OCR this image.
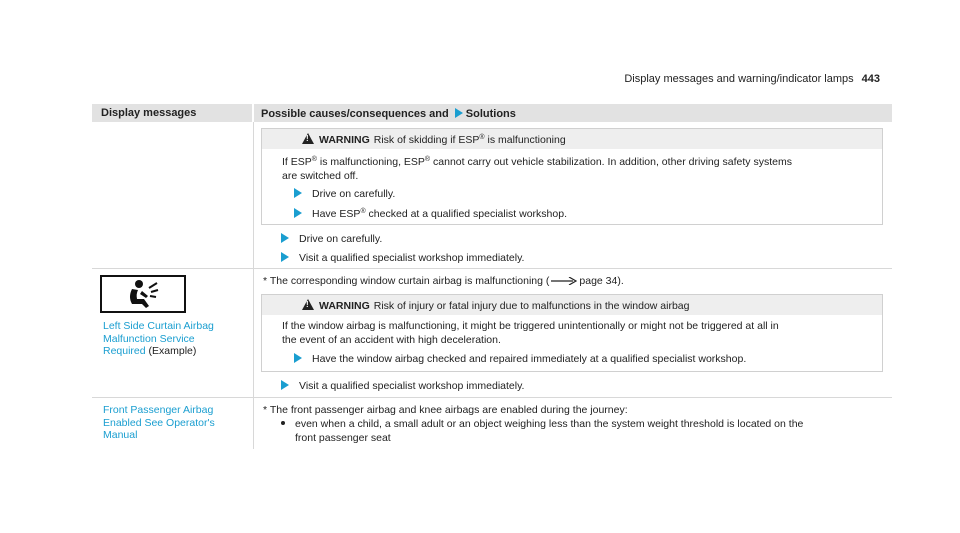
Display messages and warning/indicator lamps 443
Display messages	Possible causes/consequences and Solutions
!WARNING Risk of skidding if ESP® is malfunctioning
If ESP® is malfunctioning, ESP® cannot carry out vehicle stabilization. In addition, other driving safety systems
are switched off.
Drive on carefully.
Have ESP® checked at a qualified specialist workshop.
Drive on carefully.
Visit a qualified specialist workshop immediately.
Left Side Curtain Airbag
Malfunction Service
Required (Example)
* The corresponding window curtain airbag is malfunctioning (	page 34).
!WARNING Risk of injury or fatal injury due to malfunctions in the window airbag
If the window airbag is malfunctioning, it might be triggered unintentionally or might not be triggered at all in
the event of an accident with high deceleration.
Have the window airbag checked and repaired immediately at a qualified specialist workshop.
Visit a qualified specialist workshop immediately.
Front Passenger Airbag
Enabled See Operator's
Manual
* The front passenger airbag and knee airbags are enabled during the journey:
even when a child, a small adult or an object weighing less than the system weight threshold is located on the
front passenger seat
